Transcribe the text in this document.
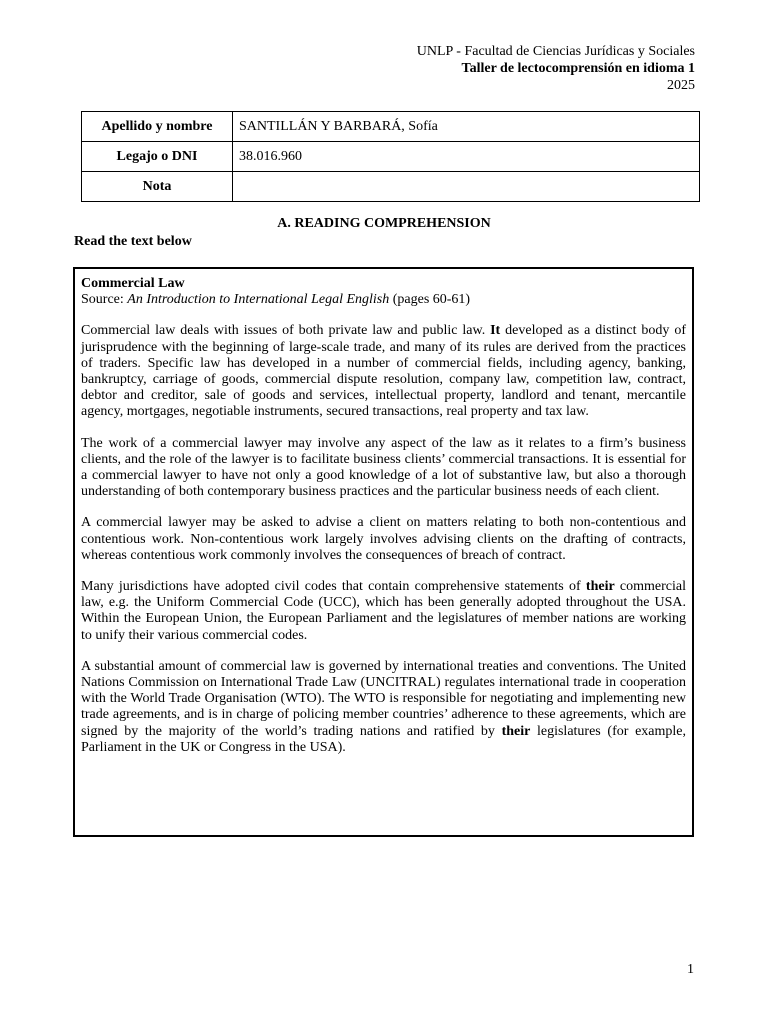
UNLP - Facultad de Ciencias Jurídicas y Sociales
Taller de lectocomprensión en idioma 1
2025
Apellido y nombre	SANTILLÁN Y BARBARÁ, Sofía
Legajo o DNI	38.016.960
Nota	
A. READING COMPREHENSION
Read the text below
Commercial Law
Source: An Introduction to International Legal English (pages 60-61)

Commercial law deals with issues of both private law and public law. It developed as a distinct body of jurisprudence with the beginning of large-scale trade, and many of its rules are derived from the practices of traders. Specific law has developed in a number of commercial fields, including agency, banking, bankruptcy, carriage of goods, commercial dispute resolution, company law, competition law, contract, debtor and creditor, sale of goods and services, intellectual property, landlord and tenant, mercantile agency, mortgages, negotiable instruments, secured transactions, real property and tax law.

The work of a commercial lawyer may involve any aspect of the law as it relates to a firm’s business clients, and the role of the lawyer is to facilitate business clients’ commercial transactions. It is essential for a commercial lawyer to have not only a good knowledge of a lot of substantive law, but also a thorough understanding of both contemporary business practices and the particular business needs of each client.

A commercial lawyer may be asked to advise a client on matters relating to both non-contentious and contentious work. Non-contentious work largely involves advising clients on the drafting of contracts, whereas contentious work commonly involves the consequences of breach of contract.

Many jurisdictions have adopted civil codes that contain comprehensive statements of their commercial law, e.g. the Uniform Commercial Code (UCC), which has been generally adopted throughout the USA. Within the European Union, the European Parliament and the legislatures of member nations are working to unify their various commercial codes.

A substantial amount of commercial law is governed by international treaties and conventions. The United Nations Commission on International Trade Law (UNCITRAL) regulates international trade in cooperation with the World Trade Organisation (WTO). The WTO is responsible for negotiating and implementing new trade agreements, and is in charge of policing member countries’ adherence to these agreements, which are signed by the majority of the world’s trading nations and ratified by their legislatures (for example, Parliament in the UK or Congress in the USA).

1
